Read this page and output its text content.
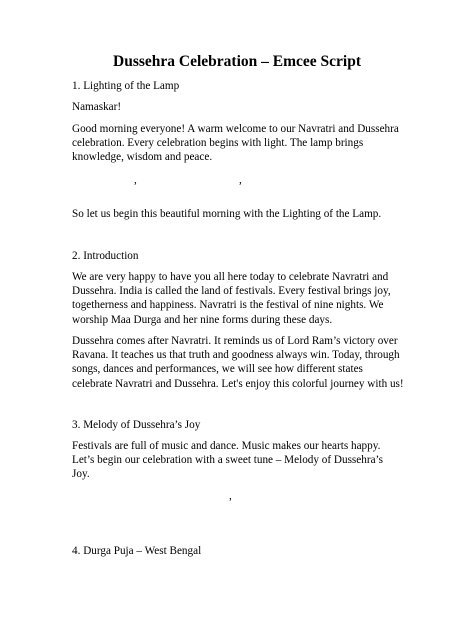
Dussehra Celebration – Emcee Script
1. Lighting of the Lamp
Namaskar!
Good morning everyone! A warm welcome to our Navratri and Dussehra
celebration. Every celebration begins with light. The lamp brings
knowledge, wisdom and peace.
,	,
So let us begin this beautiful morning with the Lighting of the Lamp.
2. Introduction
We are very happy to have you all here today to celebrate Navratri and
Dussehra. India is called the land of festivals. Every festival brings joy,
togetherness and happiness. Navratri is the festival of nine nights. We
worship Maa Durga and her nine forms during these days.
Dussehra comes after Navratri. It reminds us of Lord Ram’s victory over
Ravana. It teaches us that truth and goodness always win. Today, through
songs, dances and performances, we will see how different states
celebrate Navratri and Dussehra. Let's enjoy this colorful journey with us!
3. Melody of Dussehra’s Joy
Festivals are full of music and dance. Music makes our hearts happy.
Let’s begin our celebration with a sweet tune – Melody of Dussehra’s
Joy.
,
4. Durga Puja – West Bengal
